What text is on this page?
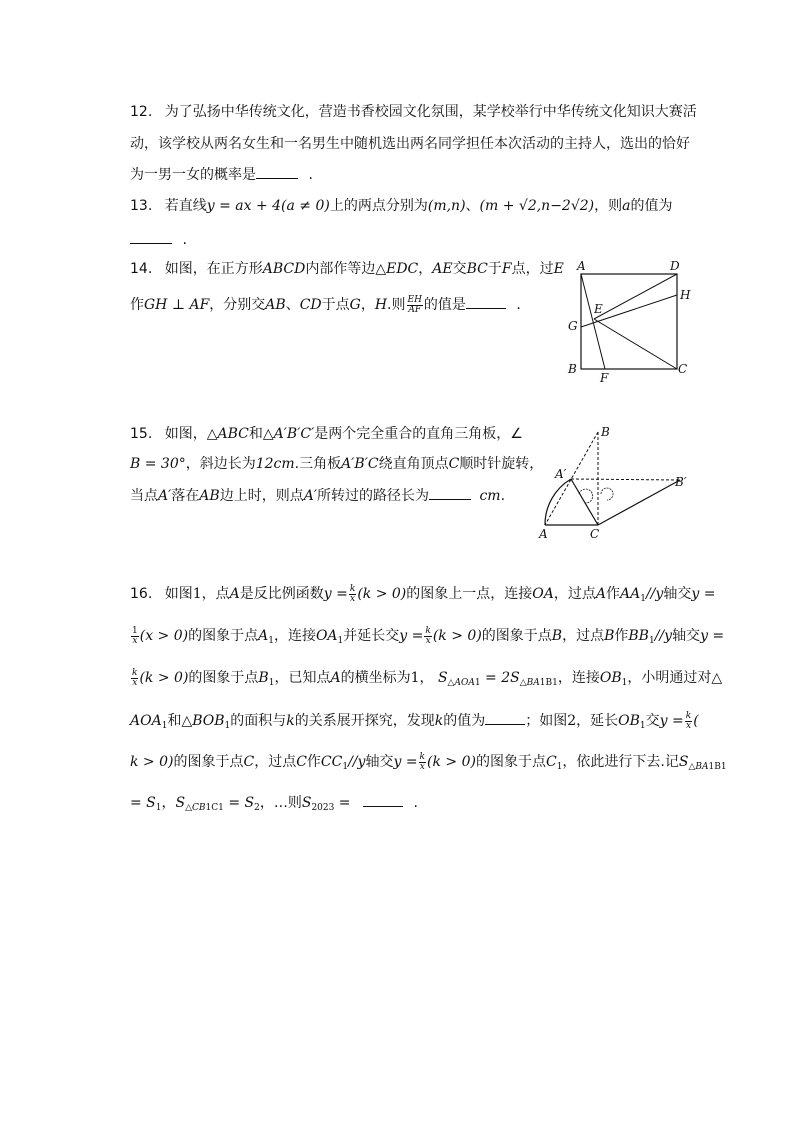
12. 为了弘扬中华传统文化，营造书香校园文化氛围，某学校举行中华传统文化知识大赛活
动，该学校从两名女生和一名男生中随机选出两名同学担任本次活动的主持人，选出的恰好
为一男一女的概率是	.
13. 若直线y = ax + 4(a ≠ 0)上的两点分别为(m,n)、(m + √2,n−2√2)，则a的值为
.
14. 如图，在正方形ABCD内部作等边△EDC，AE交BC于F点，过E
作GH ⊥ AF，分别交AB、CD于点G，H.则 $\frac{EH}{AF}$ 的值是	.
A	D
H
E
G
B
F
C
15. 如图，△ABC和△A′B′C′是两个完全重合的直角三角板，∠
B = 30°，斜边长为12cm.三角板A′B′C绕直角顶点C顺时针旋转，
当点A′落在AB边上时，则点A′所转过的路径长为	cm.
B
A′
B′
A	C
16. 如图1，点A是反比例函数$y = \frac{k}{x} (k > 0)$的图象上一点，连接OA，过点A作$AA_1//y$轴交y =
$\frac{1}{x} (x > 0)$的图象于点$A_1$，连接$OA_1$并延长交$y = \frac{k}{x} (k > 0)$的图象于点B，过点B作$BB_1//y$轴交y =
$\frac{k}{x} (k > 0)$的图象于点$B_1$，已知点A的横坐标为1， $S_{\triangle AOA1} = 2S_{\triangle BA1B1}$，连接$OB_1$，小明通过对△
$AOA_1$和$\triangle BOB_1$的面积与k的关系展开探究，发现k的值为	；如图2，延长$OB_1$交$y = \frac{k}{x}$ (
k > 0)的图象于点C，过点C作$CC_1//y$轴交$y = \frac{k}{x} (k > 0)$的图象于点$C_1$，依此进行下去.记$S_{\triangle BA1B1}$
= $S_1$，$S_{\triangle CB1C1} = S_2$，…则$S_{2023}$ =	.
